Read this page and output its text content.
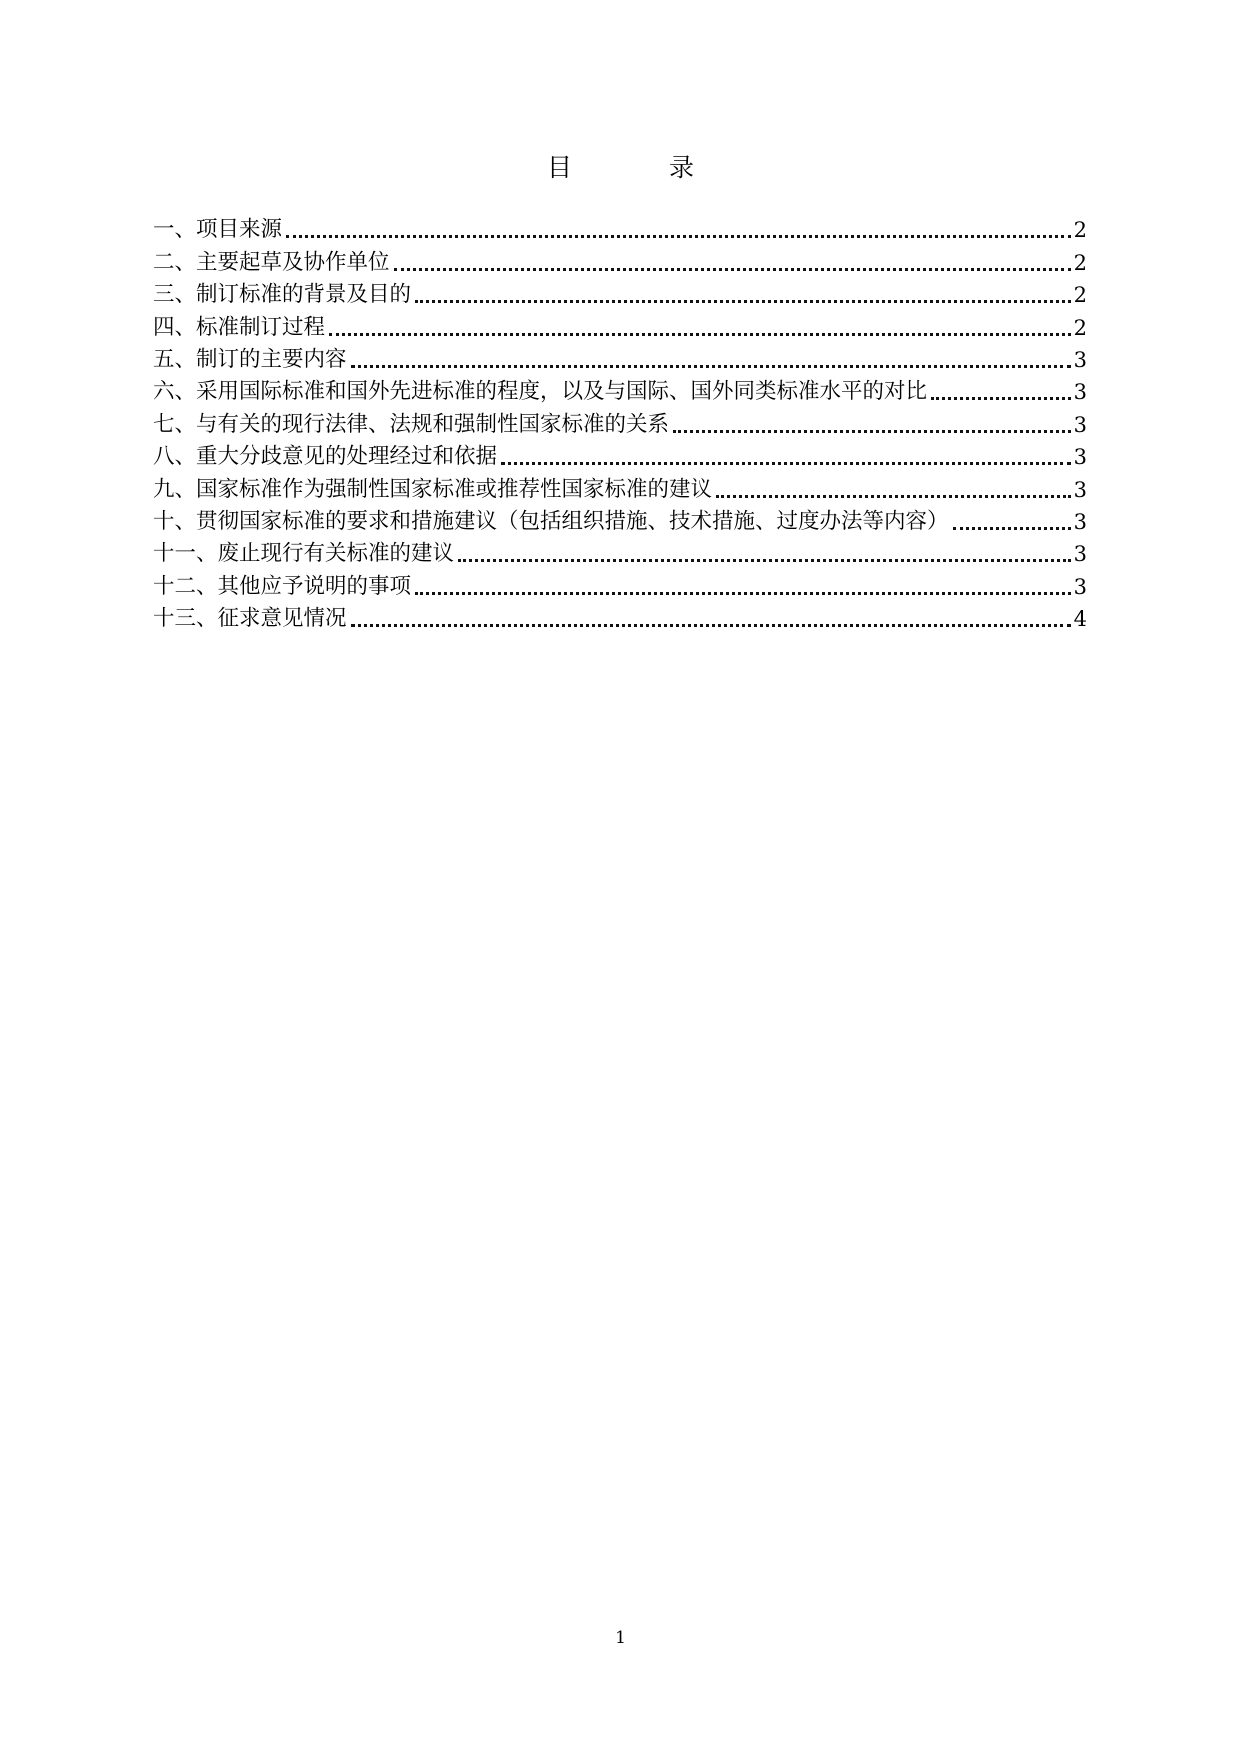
目　录
一、项目来源	2
二、主要起草及协作单位	2
三、制订标准的背景及目的	2
四、标准制订过程	2
五、制订的主要内容	3
六、采用国际标准和国外先进标准的程度，以及与国际、国外同类标准水平的对比	3
七、与有关的现行法律、法规和强制性国家标准的关系	3
八、重大分歧意见的处理经过和依据	3
九、国家标准作为强制性国家标准或推荐性国家标准的建议	3
十、贯彻国家标准的要求和措施建议（包括组织措施、技术措施、过度办法等内容）	3
十一、废止现行有关标准的建议	3
十二、其他应予说明的事项	3
十三、征求意见情况	4
1
